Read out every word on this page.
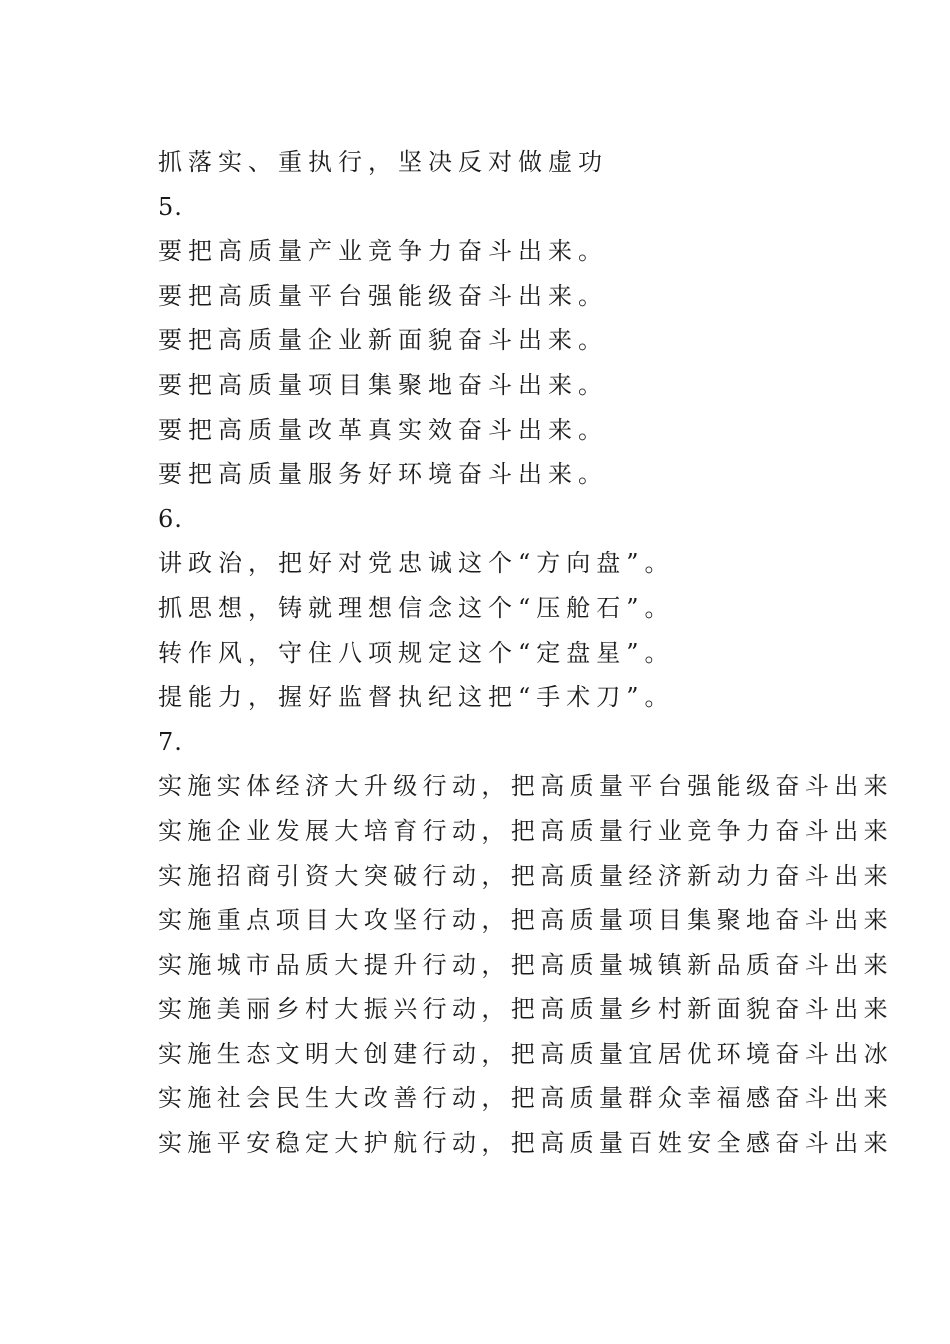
抓落实、重执行，坚决反对做虚功
5.
要把高质量产业竞争力奋斗出来。
要把高质量平台强能级奋斗出来。
要把高质量企业新面貌奋斗出来。
要把高质量项目集聚地奋斗出来。
要把高质量改革真实效奋斗出来。
要把高质量服务好环境奋斗出来。
6.
讲政治，把好对党忠诚这个“方向盘”。
抓思想，铸就理想信念这个“压舱石”。
转作风，守住八项规定这个“定盘星”。
提能力，握好监督执纪这把“手术刀”。
7.
实施实体经济大升级行动，把高质量平台强能级奋斗出来
实施企业发展大培育行动，把高质量行业竞争力奋斗出来
实施招商引资大突破行动，把高质量经济新动力奋斗出来
实施重点项目大攻坚行动，把高质量项目集聚地奋斗出来
实施城市品质大提升行动，把高质量城镇新品质奋斗出来
实施美丽乡村大振兴行动，把高质量乡村新面貌奋斗出来
实施生态文明大创建行动，把高质量宜居优环境奋斗出冰
实施社会民生大改善行动，把高质量群众幸福感奋斗出来
实施平安稳定大护航行动，把高质量百姓安全感奋斗出来
